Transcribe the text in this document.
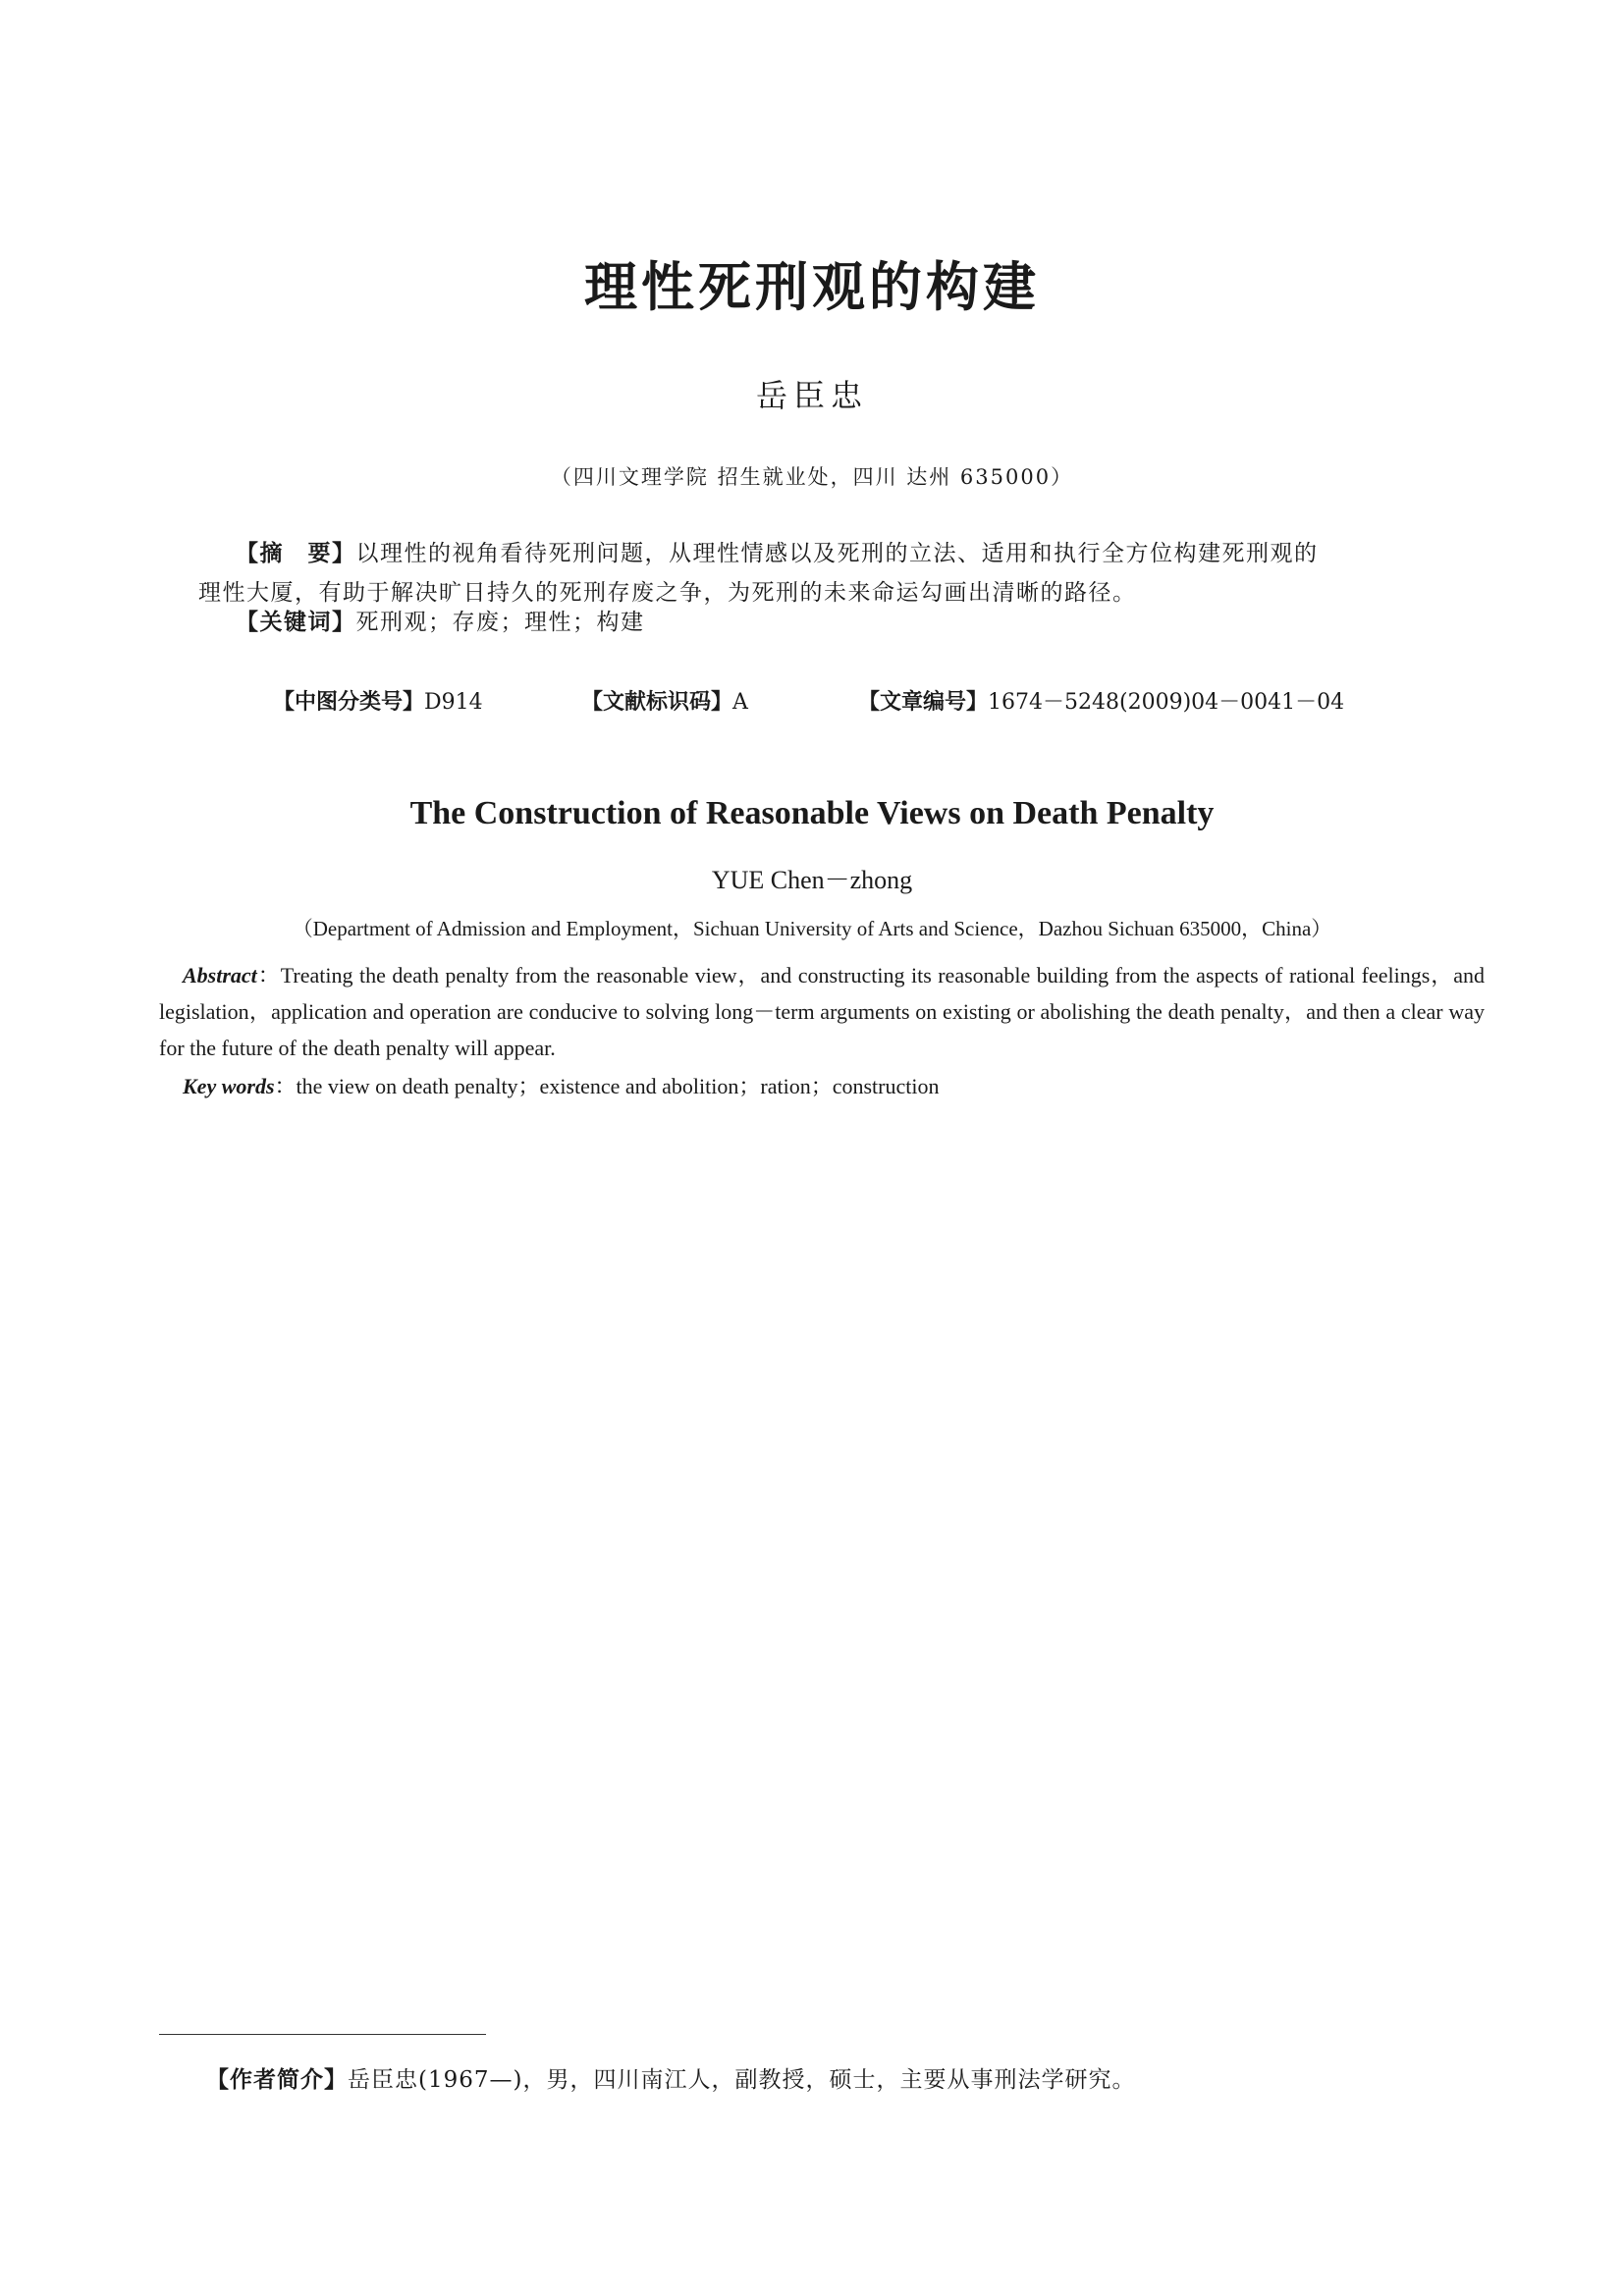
理性死刑观的构建
岳臣忠
（四川文理学院 招生就业处，四川 达州 635000）
【摘　要】以理性的视角看待死刑问题，从理性情感以及死刑的立法、适用和执行全方位构建死刑观的
理性大厦，有助于解决旷日持久的死刑存废之争，为死刑的未来命运勾画出清晰的路径。
【关键词】死刑观；存废；理性；构建
【中图分类号】D914	【文献标识码】A	【文章编号】1674－5248(2009)04－0041－04
The Construction of Reasonable Views on Death Penalty
YUE Chen－zhong
（Department of Admission and Employment，Sichuan University of Arts and Science，Dazhou Sichuan 635000，China）
Abstract：Treating the death penalty from the reasonable view，and constructing its reasonable building from the aspects of rational feelings，and legislation，application and operation are conducive to solving long－term arguments on existing or abolishing the death penalty，and then a clear way for the future of the death penalty will appear.
Key words：the view on death penalty；existence and abolition；ration；construction
【作者简介】岳臣忠(1967—)，男，四川南江人，副教授，硕士，主要从事刑法学研究。
